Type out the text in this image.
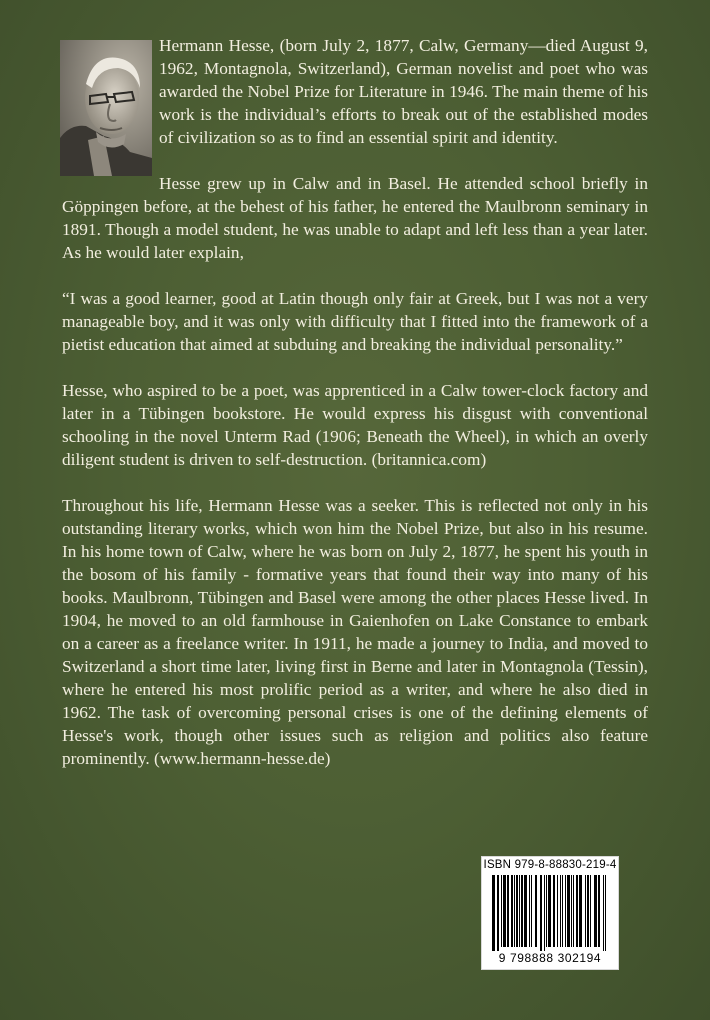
Hermann Hesse, (born July 2, 1877, Calw, Germany—died August 9, 1962, Montagnola, Switzerland), German novelist and poet who was awarded the Nobel Prize for Literature in 1946. The main theme of his work is the individual’s efforts to break out of the established modes of civilization so as to find an essential spirit and identity.

Hesse grew up in Calw and in Basel. He attended school briefly in Göppingen before, at the behest of his father, he entered the Maulbronn seminary in 1891. Though a model student, he was unable to adapt and left less than a year later. As he would later explain,

“I was a good learner, good at Latin though only fair at Greek, but I was not a very manageable boy, and it was only with difficulty that I fitted into the framework of a pietist education that aimed at subduing and breaking the individual personality.”

Hesse, who aspired to be a poet, was apprenticed in a Calw tower-clock factory and later in a Tübingen bookstore. He would express his disgust with conventional schooling in the novel Unterm Rad (1906; Beneath the Wheel), in which an overly diligent student is driven to self-destruction. (britannica.com)

Throughout his life, Hermann Hesse was a seeker. This is reflected not only in his outstanding literary works, which won him the Nobel Prize, but also in his resume. In his home town of Calw, where he was born on July 2, 1877, he spent his youth in the bosom of his family - formative years that found their way into many of his books. Maulbronn, Tübingen and Basel were among the other places Hesse lived. In 1904, he moved to an old farmhouse in Gaienhofen on Lake Constance to embark on a career as a freelance writer. In 1911, he made a journey to India, and moved to Switzerland a short time later, living first in Berne and later in Montagnola (Tessin), where he entered his most prolific period as a writer, and where he also died in 1962. The task of overcoming personal crises is one of the defining elements of Hesse's work, though other issues such as religion and politics also feature prominently. (www.hermann-hesse.de)

ISBN 979-8-88830-219-4
9 798888 302194
